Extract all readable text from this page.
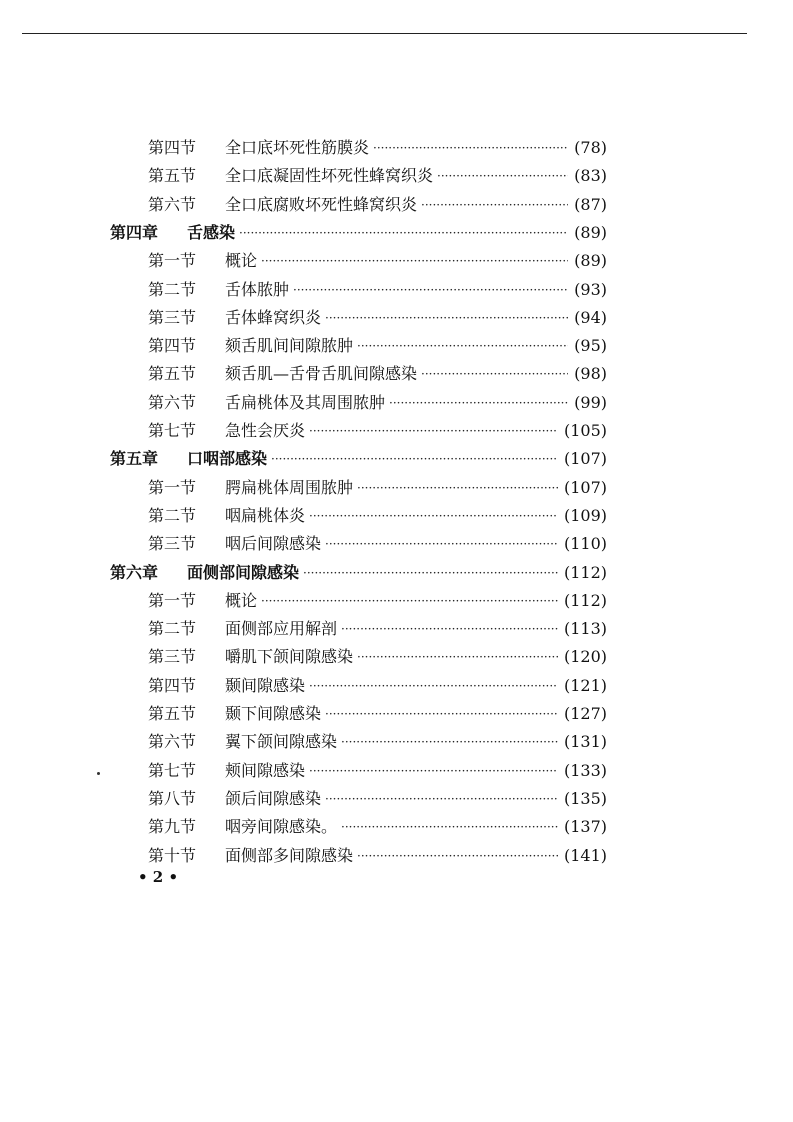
第四节	全口底坏死性筋膜炎 ·····	(78)
第五节	全口底凝固性坏死性蜂窝织炎 ·····	(83)
第六节	全口底腐败坏死性蜂窝织炎 ·····	(87)
第四章	舌感染 ·····	(89)
第一节	概论 ·····	(89)
第二节	舌体脓肿 ·····	(93)
第三节	舌体蜂窝织炎 ·····	(94)
第四节	颏舌肌间间隙脓肿 ·····	(95)
第五节	颏舌肌—舌骨舌肌间隙感染 ·····	(98)
第六节	舌扁桃体及其周围脓肿 ·····	(99)
第七节	急性会厌炎 ·····	(105)
第五章	口咽部感染 ·····	(107)
第一节	腭扁桃体周围脓肿 ·····	(107)
第二节	咽扁桃体炎 ·····	(109)
第三节	咽后间隙感染 ·····	(110)
第六章	面侧部间隙感染 ·····	(112)
第一节	概论 ·····	(112)
第二节	面侧部应用解剖 ·····	(113)
第三节	嚼肌下颌间隙感染 ·····	(120)
第四节	颞间隙感染 ·····	(121)
第五节	颞下间隙感染 ·····	(127)
第六节	翼下颌间隙感染 ·····	(131)
第七节	颊间隙感染 ·····	(133)
第八节	颌后间隙感染 ·····	(135)
第九节	咽旁间隙感染。 ·····	(137)
第十节	面侧部多间隙感染 ·····	(141)
• 2 •
